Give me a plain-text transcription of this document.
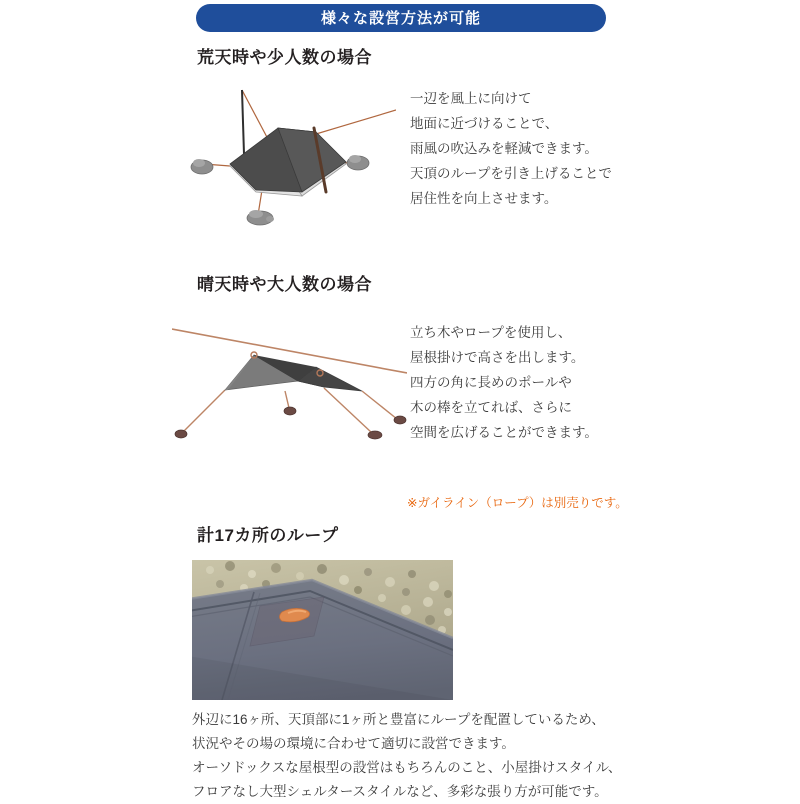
様々な設営方法が可能
荒天時や少人数の場合
一辺を風上に向けて
地面に近づけることで、
雨風の吹込みを軽減できます。
天頂のループを引き上げることで
居住性を向上させます。
晴天時や大人数の場合
立ち木やロープを使用し、
屋根掛けで高さを出します。
四方の角に長めのポールや
木の棒を立てれば、さらに
空間を広げることができます。
※ガイライン（ロープ）は別売りです。
計17カ所のループ
外辺に16ヶ所、天頂部に1ヶ所と豊富にループを配置しているため、
状況やその場の環境に合わせて適切に設営できます。
オーソドックスな屋根型の設営はもちろんのこと、小屋掛けスタイル、
フロアなし大型シェルタースタイルなど、多彩な張り方が可能です。
